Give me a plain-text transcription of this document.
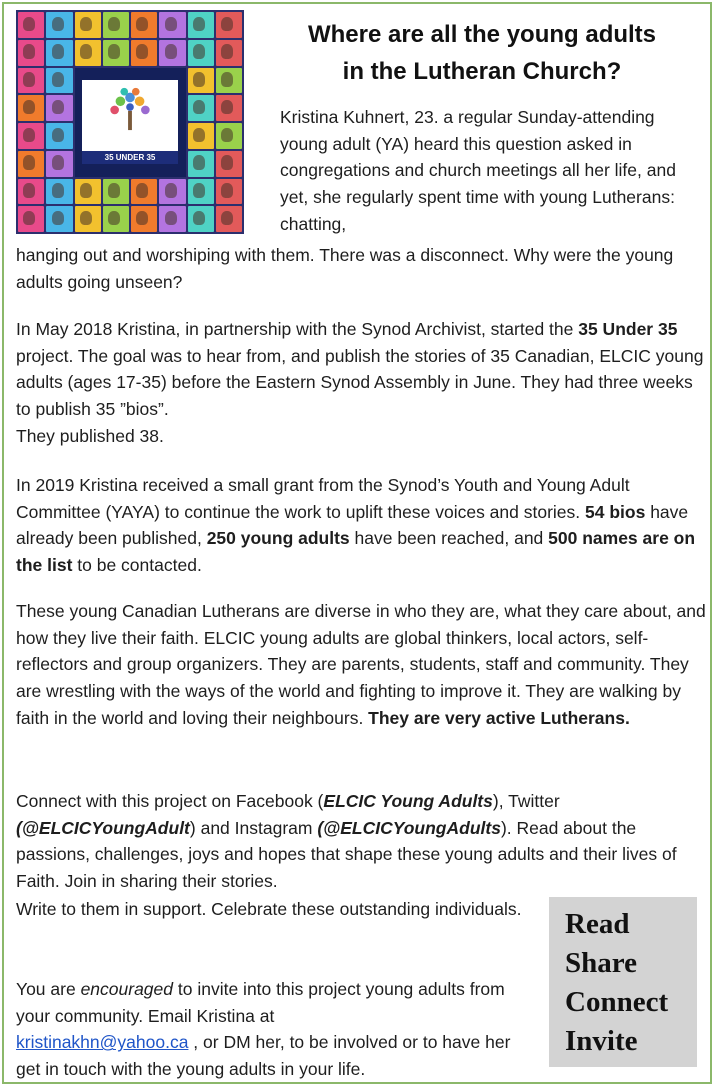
35 UNDER 35
Where are all the young adults
in the Lutheran Church?

Kristina Kuhnert, 23. a regular Sunday-attending young adult (YA) heard this question asked in congregations and church meetings all her life, and yet, she regularly spent time with young Lutherans: chatting,

hanging out and worshiping with them. There was a disconnect. Why were the young adults going unseen?

In May 2018 Kristina, in partnership with the Synod Archivist, started the 35 Under 35 project. The goal was to hear from, and publish the stories of 35 Canadian, ELCIC young adults (ages 17-35) before the Eastern Synod Assembly in June. They had three weeks to publish 35 ”bios”.
They published 38.

In 2019 Kristina received a small grant from the Synod’s Youth and Young Adult Committee (YAYA) to continue the work to uplift these voices and stories. 54 bios have already been published, 250 young adults have been reached, and 500 names are on the list to be contacted.

These young Canadian Lutherans are diverse in who they are, what they care about, and how they live their faith. ELCIC young adults are global thinkers, local actors, self-reflectors and group organizers. They are parents, students, staff and community. They are wrestling with the ways of the world and fighting to improve it. They are walking by faith in the world and loving their neighbours. They are very active Lutherans.

Connect with this project on Facebook (ELCIC Young Adults), Twitter (@ELCICYoungAdult) and Instagram (@ELCICYoungAdults). Read about the passions, challenges, joys and hopes that shape these young adults and their lives of Faith. Join in sharing their stories.

Write to them in support. Celebrate these outstanding individuals.

You are encouraged to invite into this project young adults from your community. Email Kristina at
kristinakhn@yahoo.ca , or DM her, to be involved or to have her get in touch with the young adults in your life.

Read
Share
Connect
Invite
